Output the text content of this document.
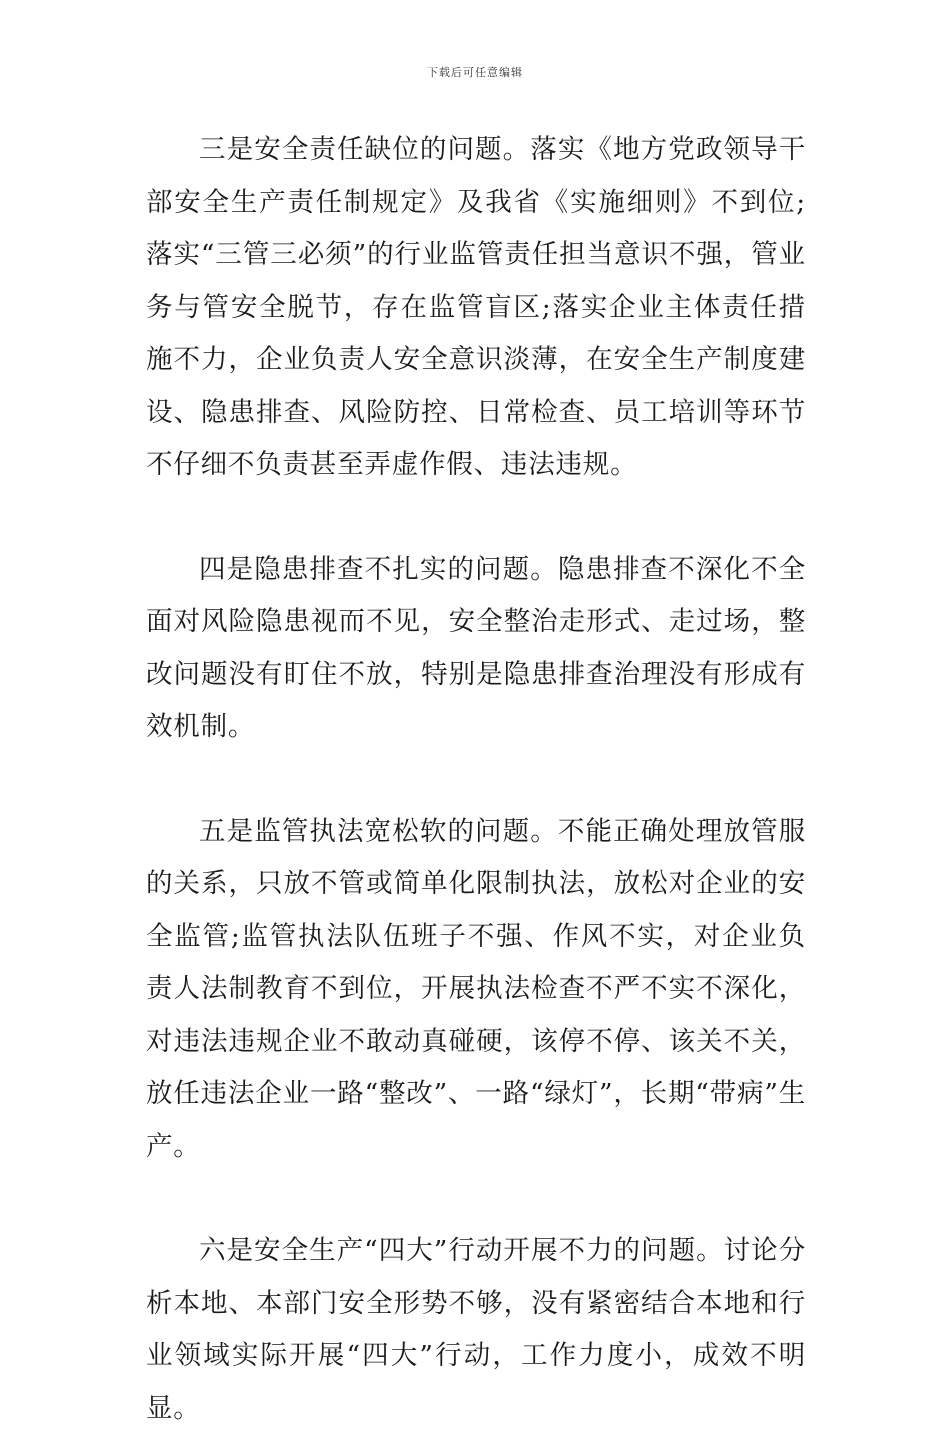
下载后可任意编辑

三是安全责任缺位的问题。落实《地方党政领导干部安全生产责任制规定》及我省《实施细则》不到位;落实“三管三必须”的行业监管责任担当意识不强，管业务与管安全脱节，存在监管盲区;落实企业主体责任措施不力，企业负责人安全意识淡薄，在安全生产制度建设、隐患排查、风险防控、日常检查、员工培训等环节不仔细不负责甚至弄虚作假、违法违规。

四是隐患排查不扎实的问题。隐患排查不深化不全面对风险隐患视而不见，安全整治走形式、走过场，整改问题没有盯住不放，特别是隐患排查治理没有形成有效机制。

五是监管执法宽松软的问题。不能正确处理放管服的关系，只放不管或简单化限制执法，放松对企业的安全监管;监管执法队伍班子不强、作风不实，对企业负责人法制教育不到位，开展执法检查不严不实不深化，对违法违规企业不敢动真碰硬，该停不停、该关不关，放任违法企业一路“整改”、一路“绿灯”，长期“带病”生产。

六是安全生产“四大”行动开展不力的问题。讨论分析本地、本部门安全形势不够，没有紧密结合本地和行业领域实际开展“四大”行动，工作力度小，成效不明显。
